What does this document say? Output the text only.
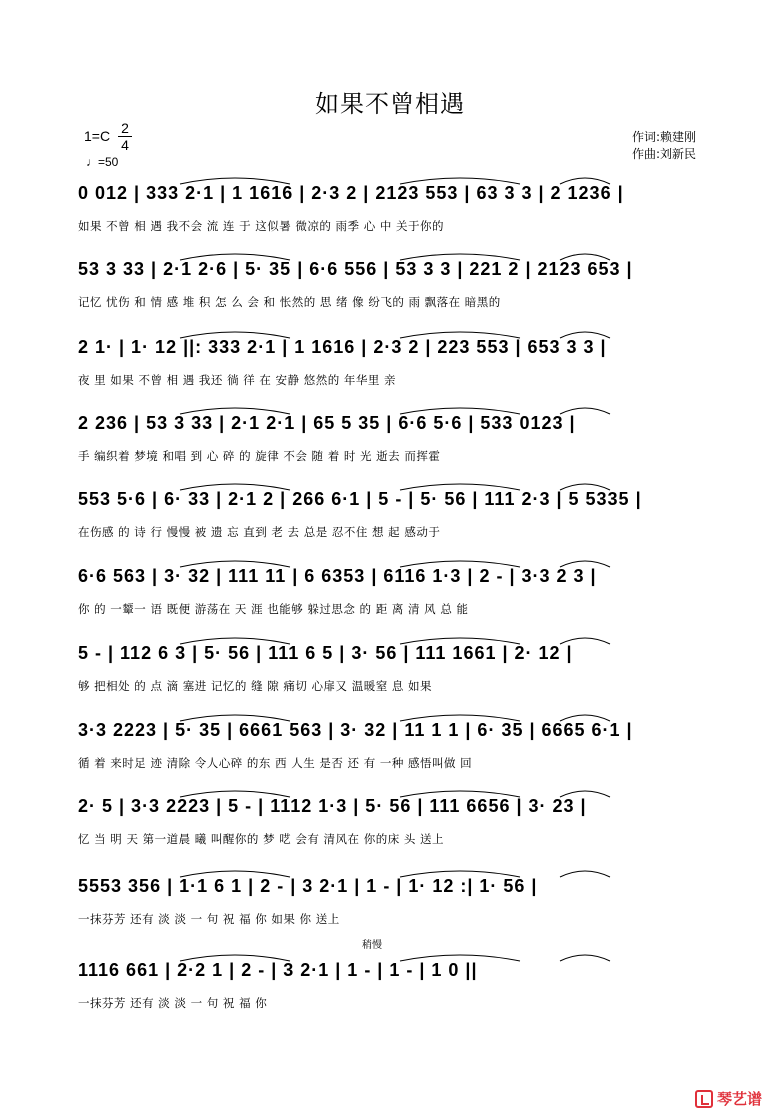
如果不曾相遇
1=C 2
4
♩=50
作词:赖建刚
作曲:刘新民
0 012 | 333 2·1 | 1 1616 | 2·3 2 | 2123 553 | 63 3 3 | 2 1236 |
如果 不曾 相 遇 我不会 流 连 于 这似暑 微凉的 雨季 心 中 关于你的
53 3 33 | 2·1 2·6 | 5· 35 | 6·6 556 | 53 3 3 | 221 2 | 2123 653 |
记忆 忧伤 和 情 感 堆 积 怎 么 会 和 怅然的 思 绪 像 纷飞的 雨 飘落在 暗黑的
2 1· | 1· 12 ||: 333 2·1 | 1 1616 | 2·3 2 | 223 553 | 653 3 3 |
夜 里 如果 不曾 相 遇 我还 徜 徉 在 安静 悠然的 年华里 亲
2 236 | 53 3 33 | 2·1 2·1 | 65 5 35 | 6·6 5·6 | 533 0123 |
手 编织着 梦境 和唱 到 心 碎 的 旋律 不会 随 着 时 光 逝去 而挥霍
553 5·6 | 6· 33 | 2·1 2 | 266 6·1 | 5 - | 5· 56 | 111 2·3 | 5 5335 |
在伤感 的 诗 行 慢慢 被 遗 忘 直到 老 去 总是 忍不住 想 起 感动于
6·6 563 | 3· 32 | 111 11 | 6 6353 | 6116 1·3 | 2 - | 3·3 2 3 |
你 的 一颦一 语 既便 游荡在 天 涯 也能够 躲过思念 的 距 离 清 风 总 能
5 - | 112 6 3 | 5· 56 | 111 6 5 | 3· 56 | 111 1661 | 2· 12 |
够 把相处 的 点 滴 塞进 记忆的 缝 隙 痛切 心扉又 温暖窒 息 如果
3·3 2223 | 5· 35 | 6661 563 | 3· 32 | 11 1 1 | 6· 35 | 6665 6·1 |
循 着 来时足 迹 清除 令人心碎 的东 西 人生 是否 还 有 一种 感悟叫做 回
2· 5 | 3·3 2223 | 5 - | 1112 1·3 | 5· 56 | 111 6656 | 3· 23 |
忆 当 明 天 第一道晨 曦 叫醒你的 梦 呓 会有 清风在 你的床 头 送上
5553 356 | 1·1 6 1 | 2 - | 3 2·1 | 1 - | 1· 12 :| 1· 56 |
一抹芬芳 还有 淡 淡 一 句 祝 福 你 如果 你 送上
1116 661 | 2·2 1 | 2 - | 3 2·1 | 1 - | 1 - | 1 0 ||
一抹芬芳 还有 淡 淡 一 句 祝 福 你
稍慢
琴艺谱
